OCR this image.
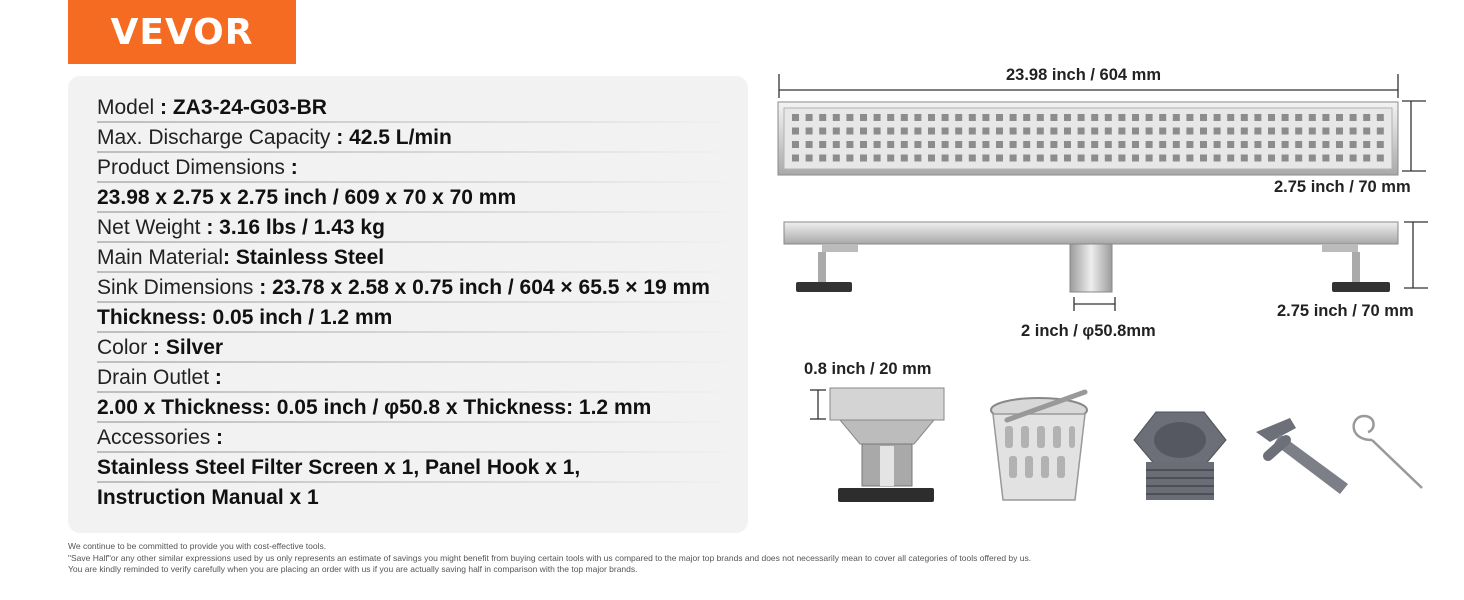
VEVOR
Model : ZA3-24-G03-BR
Max. Discharge Capacity : 42.5 L/min
Product Dimensions :
23.98 x 2.75 x 2.75 inch / 609 x 70 x 70 mm
Net Weight : 3.16 lbs / 1.43 kg
Main Material: Stainless Steel
Sink Dimensions : 23.78 x 2.58 x 0.75 inch / 604 × 65.5 × 19 mm
Thickness: 0.05 inch / 1.2 mm
Color : Silver
Drain Outlet :
2.00 x Thickness: 0.05 inch / φ50.8 x Thickness: 1.2 mm
Accessories :
Stainless Steel Filter Screen x 1, Panel Hook x 1,
Instruction Manual x 1
23.98 inch / 604 mm
2.75 inch / 70 mm
2.75 inch / 70 mm
2 inch / φ50.8mm
0.8 inch / 20 mm
We continue to be committed to provide you with cost-effective tools.
"Save Half"or any other similar expressions used by us only represents an estimate of savings you might benefit from buying certain tools with us compared to the major top brands and does not necessarily mean to cover all categories of tools offered by us.
You are kindly reminded to verify carefully when you are placing an order with us if you are actually saving half in comparison with the top major brands.
